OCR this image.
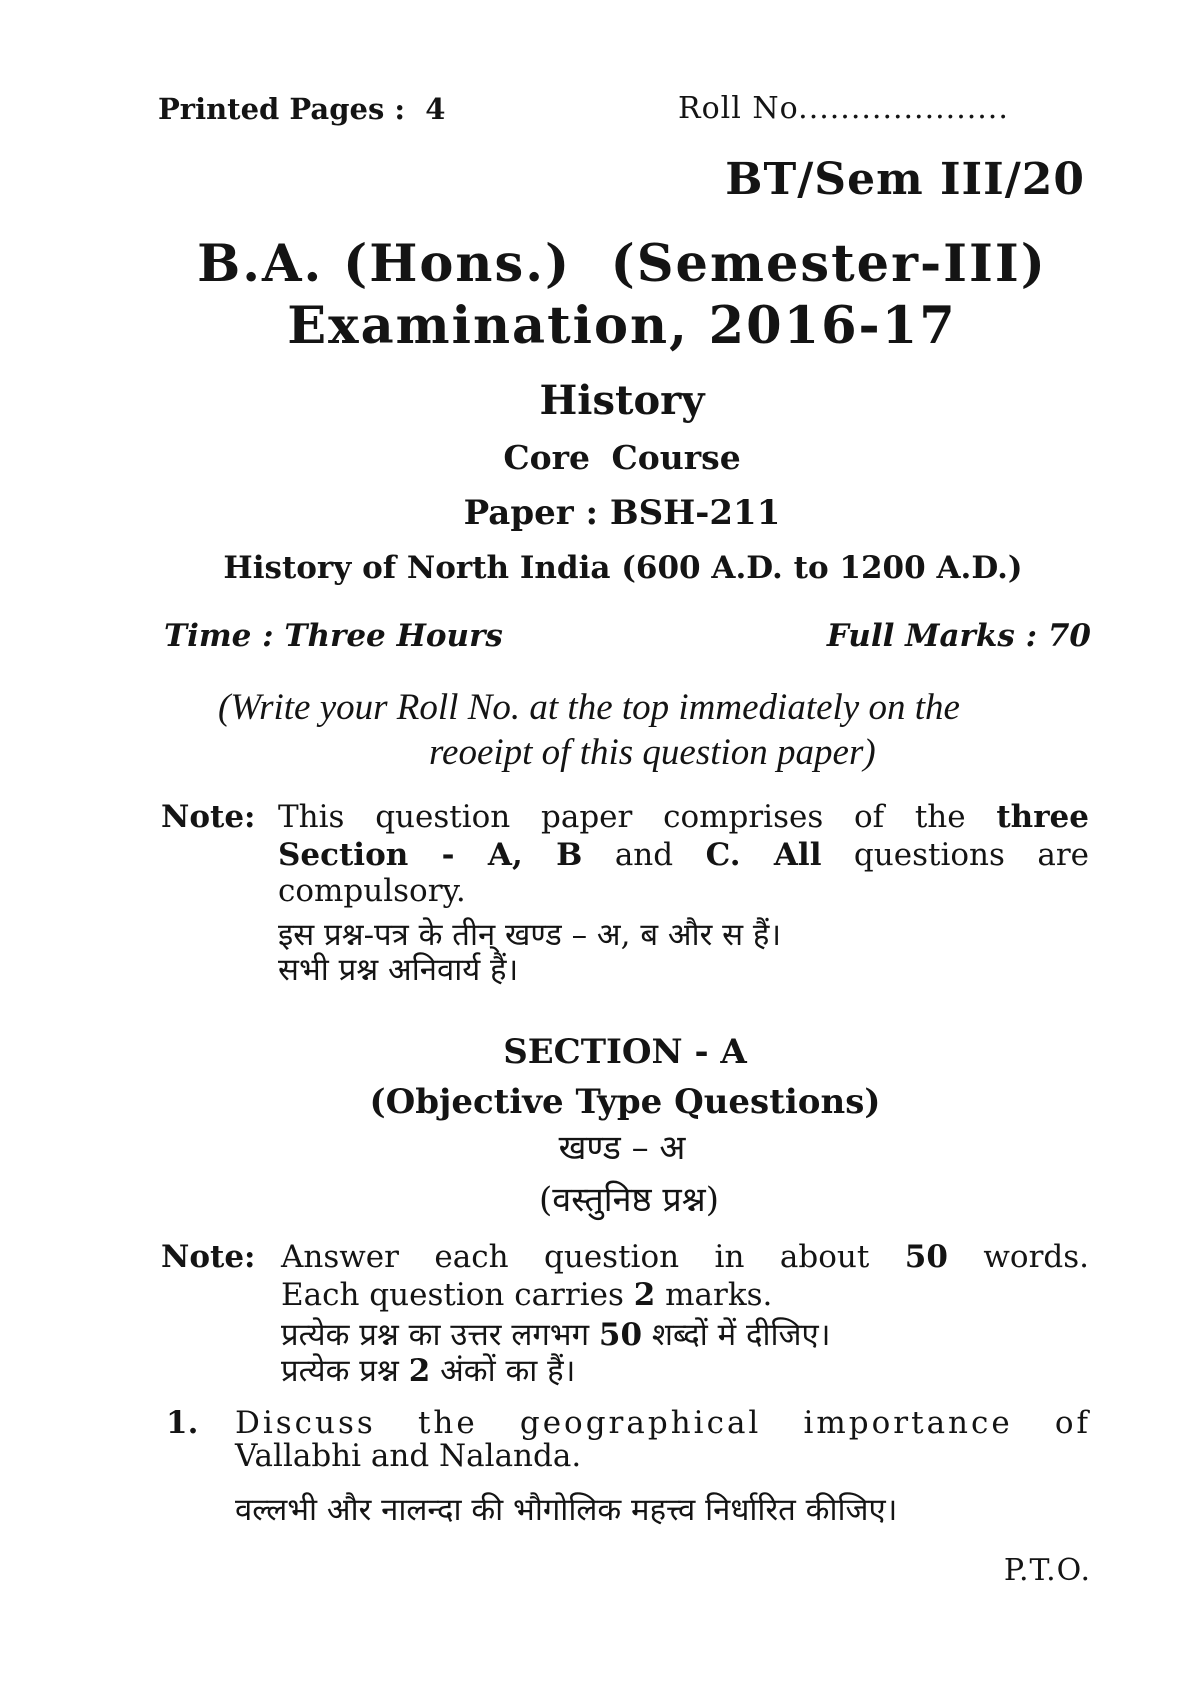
Printed Pages :  4	Roll No....................
BT/Sem III/20
B.A. (Hons.)  (Semester-III)
Examination, 2016-17
History
Core Course
Paper : BSH-211
History of North India (600 A.D. to 1200 A.D.)
Time : Three Hours	Full Marks : 70
(Write your Roll No. at the top immediately on the
reoeipt of this question paper)
Note: This question paper comprises of the three
Section - A, B and C. All questions are
compulsory.
इस प्रश्न-पत्र के तीन् खण्ड – अ, ब और स हैं।
सभी प्रश्न अनिवार्य हैं।
SECTION - A
(Objective Type Questions)
खण्ड – अ
(वस्तुनिष्ठ प्रश्न)
Note: Answer each question in about 50 words.
Each question carries 2 marks.
प्रत्येक प्रश्न का उत्तर लगभग 50 शब्दों में दीजिए।
प्रत्येक प्रश्न 2 अंकों का हैं।
1. Discuss the geographical importance of
Vallabhi and Nalanda.
वल्लभी और नालन्दा की भौगोलिक महत्त्व निर्धारित कीजिए।
P.T.O.
